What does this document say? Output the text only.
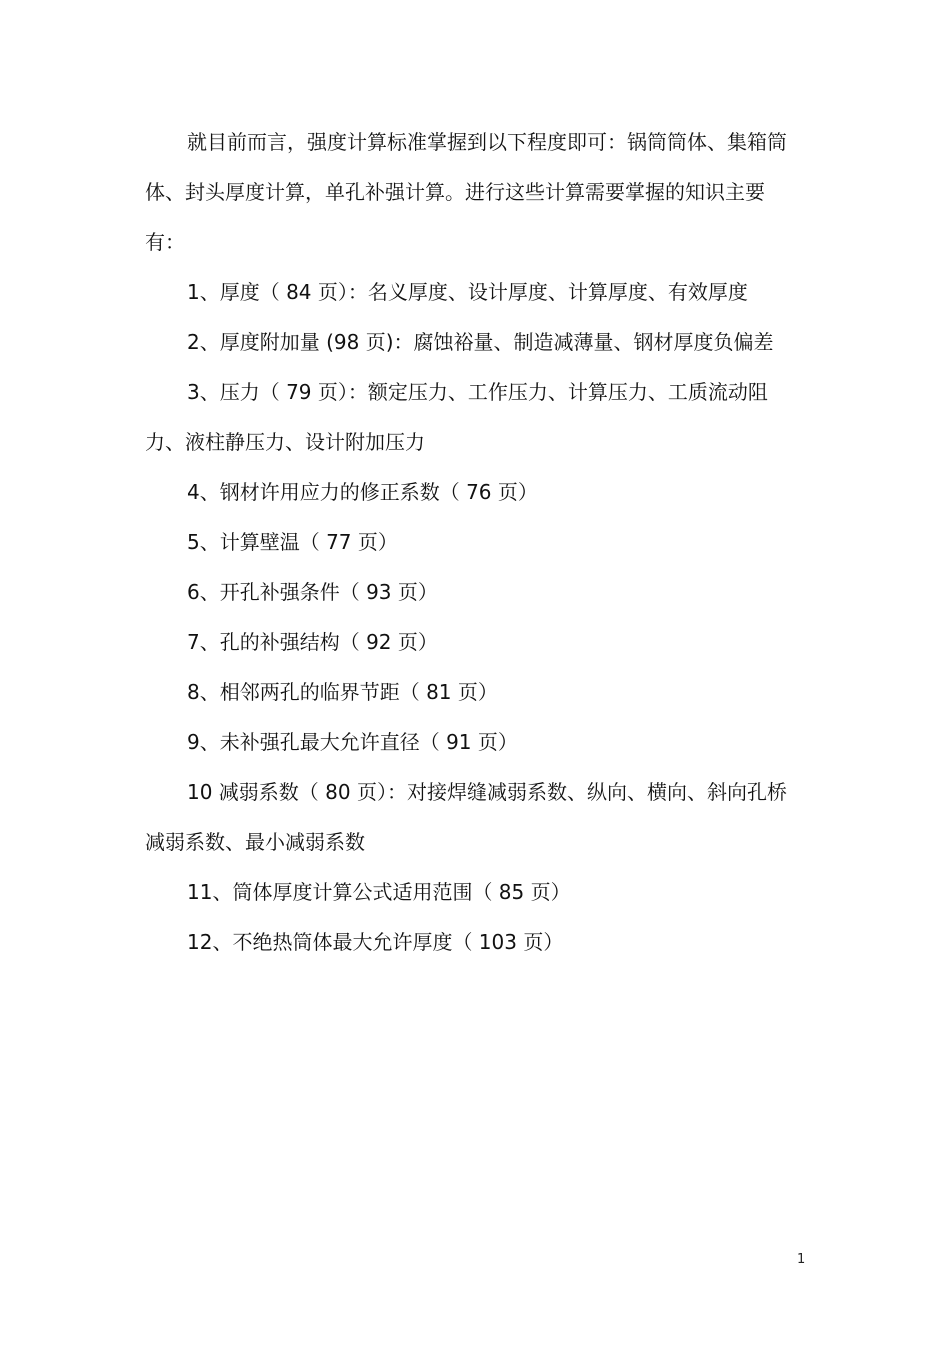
就目前而言，强度计算标准掌握到以下程度即可：锅筒筒体、集箱筒体、封头厚度计算，单孔补强计算。进行这些计算需要掌握的知识主要有：

1、厚度（ 84 页）：名义厚度、设计厚度、计算厚度、有效厚度

2、厚度附加量 (98 页)：腐蚀裕量、制造减薄量、钢材厚度负偏差

3、压力（ 79 页）：额定压力、工作压力、计算压力、工质流动阻力、液柱静压力、设计附加压力

4、钢材许用应力的修正系数（ 76 页）

5、计算壁温（ 77 页）

6、开孔补强条件（ 93 页）

7、孔的补强结构（ 92 页）

8、相邻两孔的临界节距（ 81 页）

9、未补强孔最大允许直径（ 91 页）

10 减弱系数（ 80 页）：对接焊缝减弱系数、纵向、横向、斜向孔桥减弱系数、最小减弱系数

11、筒体厚度计算公式适用范围（ 85 页）

12、不绝热筒体最大允许厚度（ 103 页）

1
